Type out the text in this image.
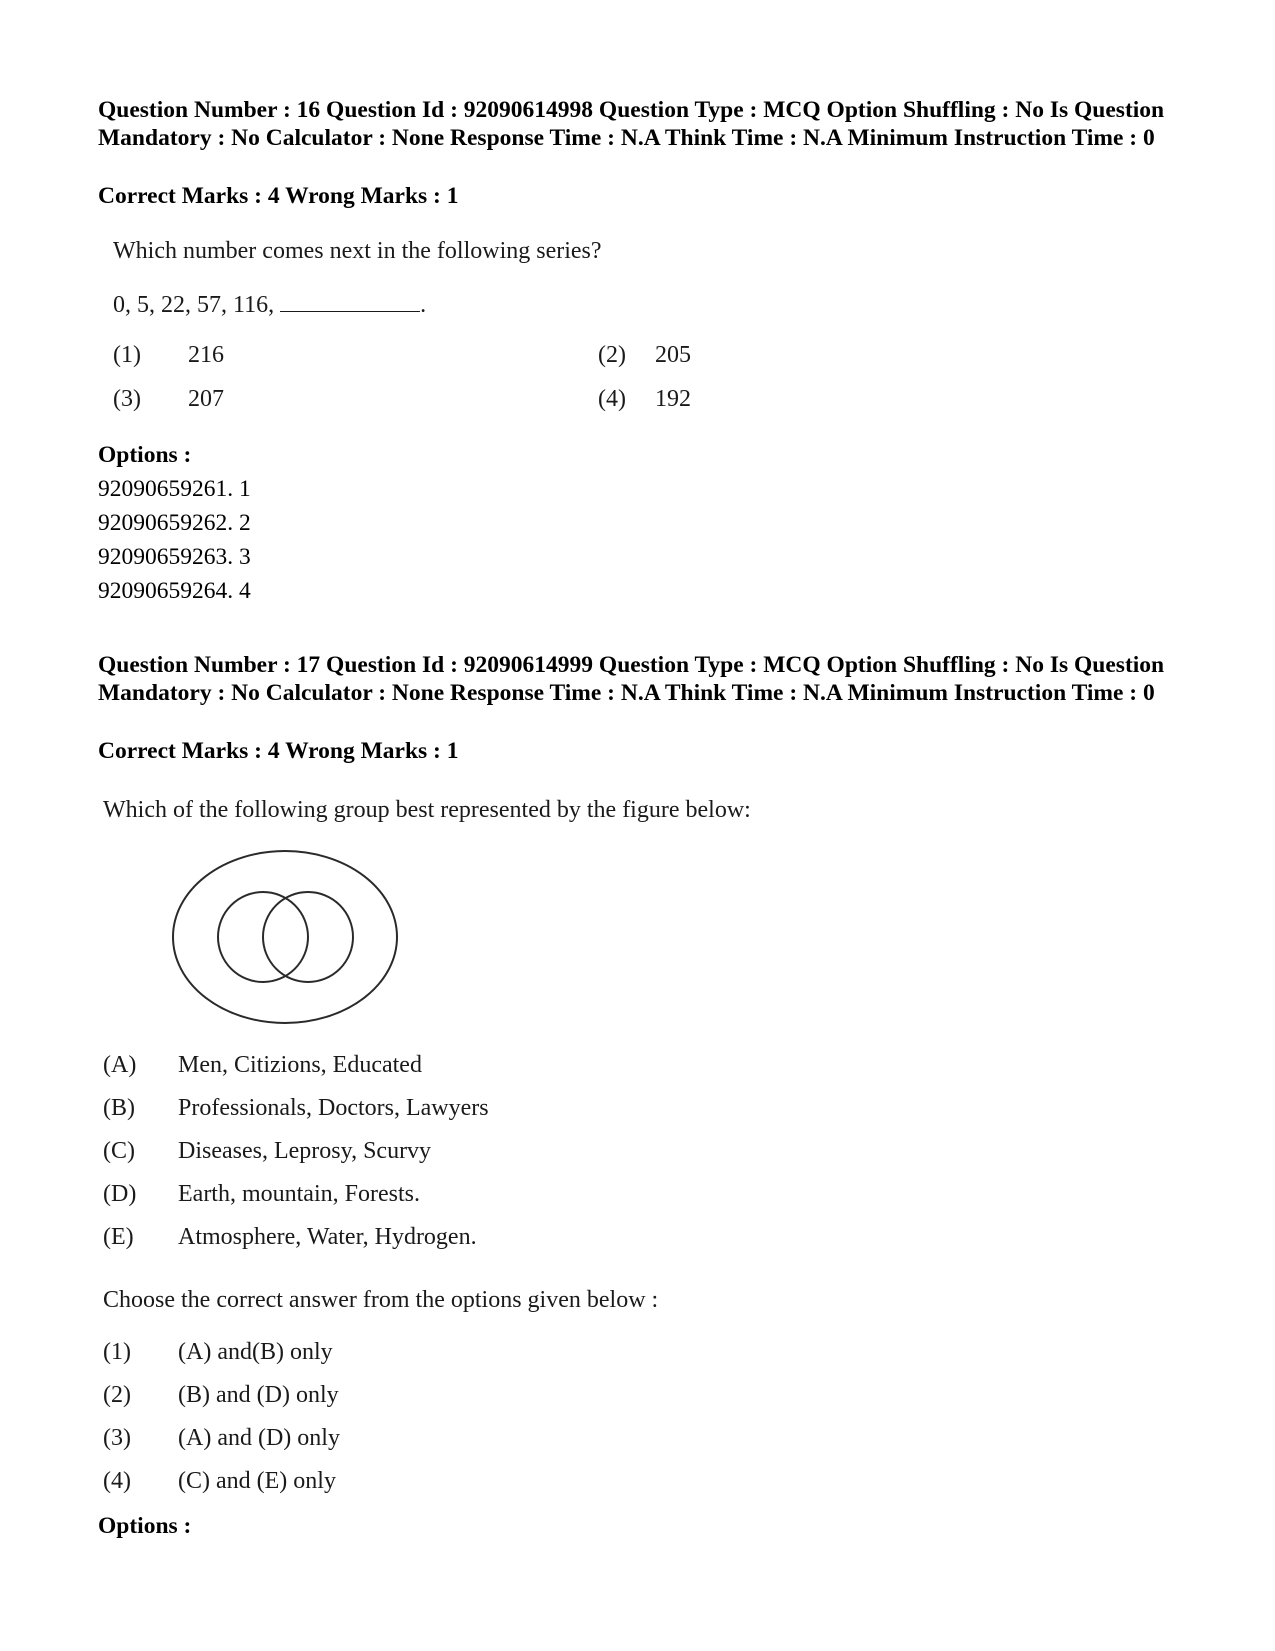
Question Number : 16 Question Id : 92090614998 Question Type : MCQ Option Shuffling : No Is Question Mandatory : No Calculator : None Response Time : N.A Think Time : N.A Minimum Instruction Time : 0
Correct Marks : 4 Wrong Marks : 1
Which number comes next in the following series?
0, 5, 22, 57, 116,	.
(1) 216	(2) 205
(3) 207	(4) 192
Options :
92090659261. 1
92090659262. 2
92090659263. 3
92090659264. 4
Question Number : 17 Question Id : 92090614999 Question Type : MCQ Option Shuffling : No Is Question Mandatory : No Calculator : None Response Time : N.A Think Time : N.A Minimum Instruction Time : 0
Correct Marks : 4 Wrong Marks : 1
Which of the following group best represented by the figure below:
(A) Men, Citizions, Educated
(B) Professionals, Doctors, Lawyers
(C) Diseases, Leprosy, Scurvy
(D) Earth, mountain, Forests.
(E) Atmosphere, Water, Hydrogen.
Choose the correct answer from the options given below :
(1) (A) and(B) only
(2) (B) and (D) only
(3) (A) and (D) only
(4) (C) and (E) only
Options :
